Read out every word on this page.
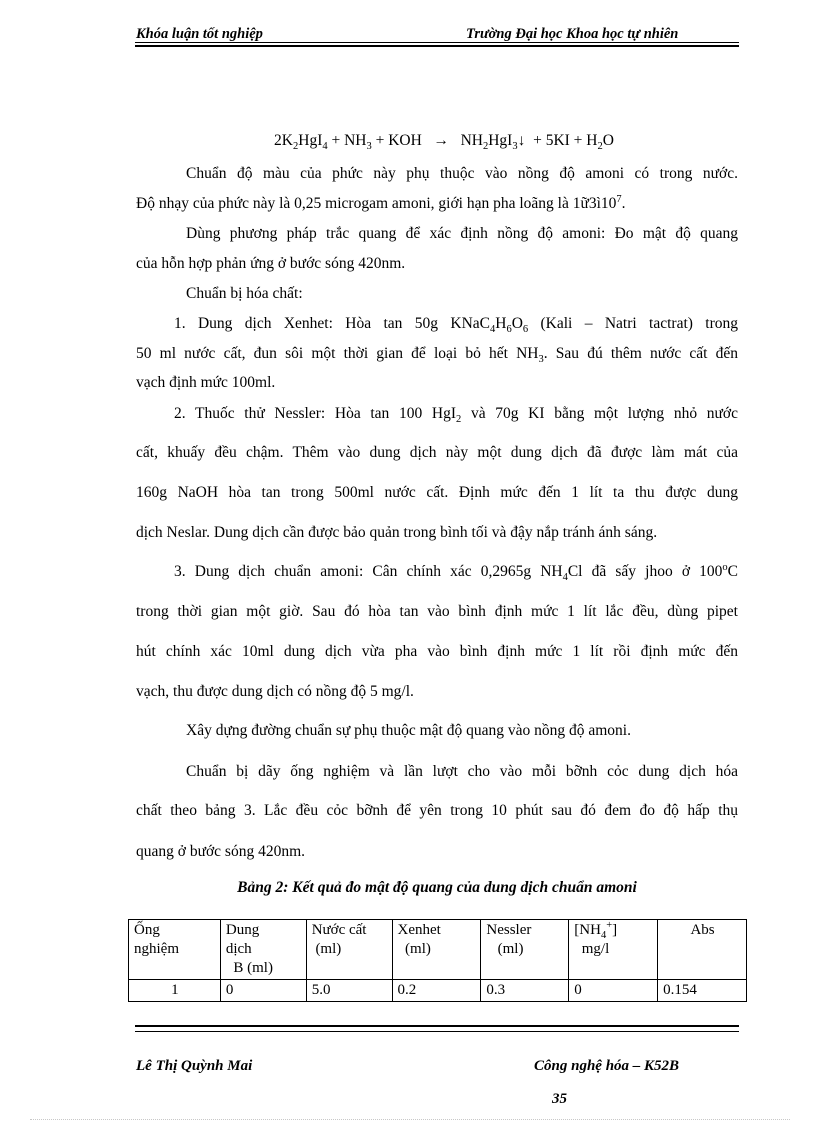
Khóa luận tốt nghiệp	Trường Đại học Khoa học tự nhiên
$2K_2HgI_4 + NH_3$ + KOH   →   $NH_2HgI_3↓ + 5KI + H_2O$
Chuẩn độ màu của phức này phụ thuộc vào nồng độ amoni có trong nước.
Độ nhạy của phức này là 0,25 microgam amoni, giới hạn pha loãng là $1ữ3ì10^7$.
Dùng phương pháp trắc quang để xác định nồng độ amoni: Đo mật độ quang
của hỗn hợp phản ứng ở bước sóng 420nm.
Chuẩn bị hóa chất:
1. Dung dịch Xenhet: Hòa tan 50g $KNaC_4H_6O_6$ (Kali – Natri tactrat) trong
50 ml nước cất, đun sôi một thời gian để loại bỏ hết $NH_3$. Sau đú thêm nước cất đến
vạch định mức 100ml.
2. Thuốc thử Nessler: Hòa tan 100 HgI$_2$ và 70g KI bằng một lượng nhỏ nước
cất, khuấy đều chậm. Thêm vào dung dịch này một dung dịch đã được làm mát của
160g NaOH hòa tan trong 500ml nước cất. Định mức đến 1 lít ta thu được dung
dịch Neslar. Dung dịch cần được bảo quản trong bình tối và đậy nắp tránh ánh sáng.
3. Dung dịch chuẩn amoni: Cân chính xác 0,2965g $NH_4Cl$ đã sấy jhoo ở 100$^o$C
trong thời gian một giờ. Sau đó hòa tan vào bình định mức 1 lít lắc đều, dùng pipet
hút chính xác 10ml dung dịch vừa pha vào bình định mức 1 lít rồi định mức đến
vạch, thu được dung dịch có nồng độ 5 mg/l.
Xây dựng đường chuẩn sự phụ thuộc mật độ quang vào nồng độ amoni.
Chuẩn bị dãy ống nghiệm và lần lượt cho vào mỗi bỡnh cỏc dung dịch hóa
chất theo bảng 3. Lắc đều cỏc bỡnh để yên trong 10 phút sau đó đem đo độ hấp thụ
quang ở bước sóng 420nm.
Bảng 2: Kết quả đo mật độ quang của dung dịch chuẩn amoni
Ống
nghiệm	Dung
dịch
B (ml)	Nước cất
(ml)	Xenhet
(ml)	Nessler
(ml)	$[NH_4^+]$
mg/l	Abs
1	0	5.0	0.2	0.3	0	0.154
Lê Thị Quỳnh Mai	Công nghệ hóa – K52B
35
